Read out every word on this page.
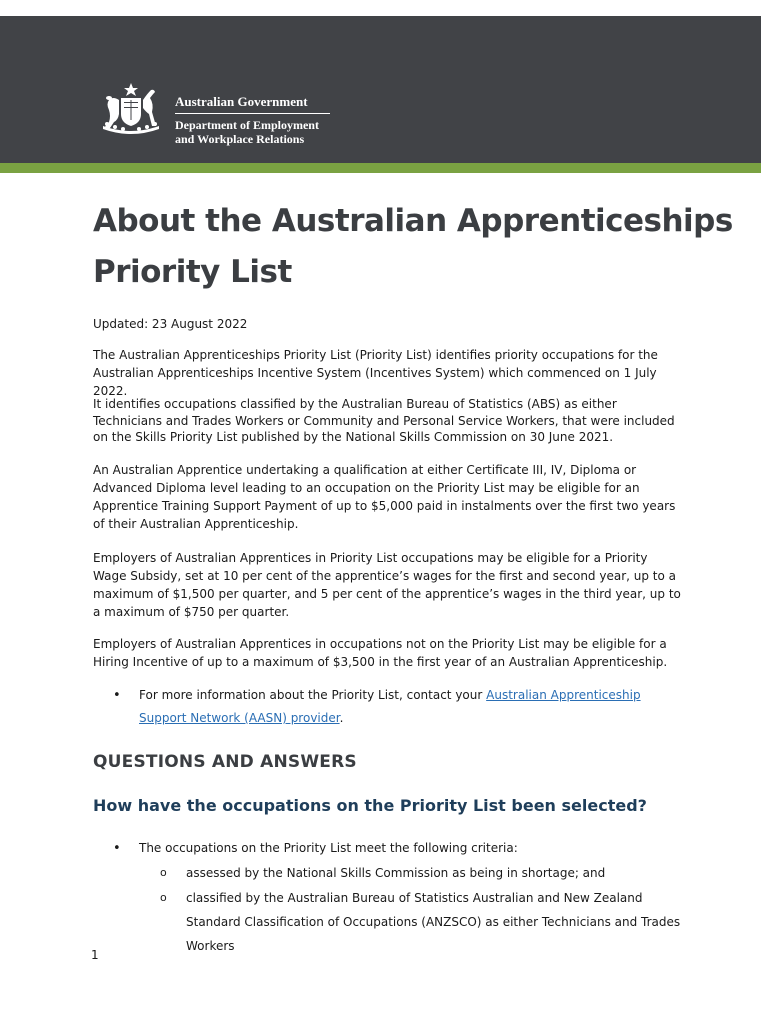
Australian Government
Department of Employment
and Workplace Relations
About the Australian Apprenticeships Priority List

Updated: 23 August 2022

The Australian Apprenticeships Priority List (Priority List) identifies priority occupations for the Australian Apprenticeships Incentive System (Incentives System) which commenced on 1 July 2022.

It identifies occupations classified by the Australian Bureau of Statistics (ABS) as either Technicians and Trades Workers or Community and Personal Service Workers, that were included on the Skills Priority List published by the National Skills Commission on 30 June 2021.

An Australian Apprentice undertaking a qualification at either Certificate III, IV, Diploma or Advanced Diploma level leading to an occupation on the Priority List may be eligible for an Apprentice Training Support Payment of up to $5,000 paid in instalments over the first two years of their Australian Apprenticeship.

Employers of Australian Apprentices in Priority List occupations may be eligible for a Priority Wage Subsidy, set at 10 per cent of the apprentice’s wages for the first and second year, up to a maximum of $1,500 per quarter, and 5 per cent of the apprentice’s wages in the third year, up to a maximum of $750 per quarter.

Employers of Australian Apprentices in occupations not on the Priority List may be eligible for a Hiring Incentive of up to a maximum of $3,500 in the first year of an Australian Apprenticeship.

•	For more information about the Priority List, contact your Australian Apprenticeship Support Network (AASN) provider.
QUESTIONS AND ANSWERS
How have the occupations on the Priority List been selected?
•	The occupations on the Priority List meet the following criteria:
o assessed by the National Skills Commission as being in shortage; and
o classified by the Australian Bureau of Statistics Australian and New Zealand Standard Classification of Occupations (ANZSCO) as either Technicians and Trades Workers
1
